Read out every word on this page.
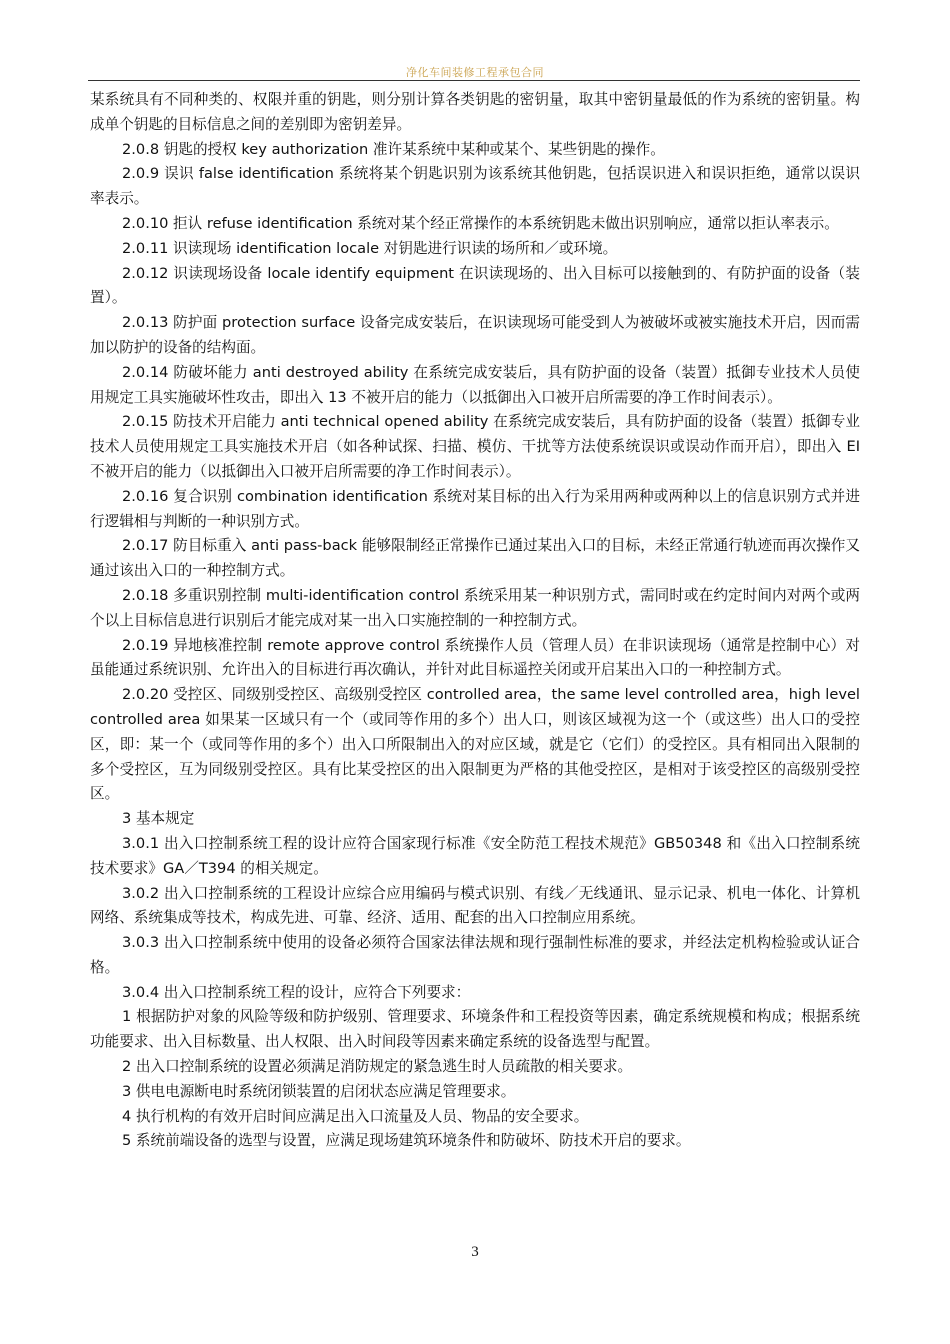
净化车间装修工程承包合同

某系统具有不同种类的、权限并重的钥匙，则分别计算各类钥匙的密钥量，取其中密钥量最低的作为系统的密钥量。构成单个钥匙的目标信息之间的差别即为密钥差异。

2.0.8 钥匙的授权 key authorization 准许某系统中某种或某个、某些钥匙的操作。

2.0.9 误识 false identification 系统将某个钥匙识别为该系统其他钥匙，包括误识进入和误识拒绝，通常以误识率表示。

2.0.10 拒认 refuse identification 系统对某个经正常操作的本系统钥匙未做出识别响应，通常以拒认率表示。

2.0.11 识读现场 identification locale 对钥匙进行识读的场所和／或环境。

2.0.12 识读现场设备 locale identify equipment 在识读现场的、出入目标可以接触到的、有防护面的设备（装置）。

2.0.13 防护面 protection surface 设备完成安装后，在识读现场可能受到人为被破坏或被实施技术开启，因而需加以防护的设备的结构面。

2.0.14 防破坏能力 anti destroyed ability 在系统完成安装后，具有防护面的设备（装置）抵御专业技术人员使用规定工具实施破坏性攻击，即出入 13 不被开启的能力（以抵御出入口被开启所需要的净工作时间表示）。

2.0.15 防技术开启能力 anti technical opened ability 在系统完成安装后，具有防护面的设备（装置）抵御专业技术人员使用规定工具实施技术开启（如各种试探、扫描、模仿、干扰等方法使系统误识或误动作而开启），即出入 EI 不被开启的能力（以抵御出入口被开启所需要的净工作时间表示）。

2.0.16 复合识别 combination identification 系统对某目标的出入行为采用两种或两种以上的信息识别方式并进行逻辑相与判断的一种识别方式。

2.0.17 防目标重入 anti pass-back 能够限制经正常操作已通过某出入口的目标，未经正常通行轨迹而再次操作又通过该出入口的一种控制方式。

2.0.18 多重识别控制 multi-identification control 系统采用某一种识别方式，需同时或在约定时间内对两个或两个以上目标信息进行识别后才能完成对某一出入口实施控制的一种控制方式。

2.0.19 异地核准控制 remote approve control 系统操作人员（管理人员）在非识读现场（通常是控制中心）对虽能通过系统识别、允许出入的目标进行再次确认，并针对此目标遥控关闭或开启某出入口的一种控制方式。

2.0.20 受控区、同级别受控区、高级别受控区 controlled area，the same level controlled area，high level controlled area 如果某一区域只有一个（或同等作用的多个）出人口，则该区域视为这一个（或这些）出人口的受控区，即：某一个（或同等作用的多个）出入口所限制出入的对应区域，就是它（它们）的受控区。具有相同出入限制的多个受控区，互为同级别受控区。具有比某受控区的出入限制更为严格的其他受控区，是相对于该受控区的高级别受控区。

3 基本规定

3.0.1 出入口控制系统工程的设计应符合国家现行标准《安全防范工程技术规范》GB50348 和《出入口控制系统技术要求》GA／T394 的相关规定。

3.0.2 出入口控制系统的工程设计应综合应用编码与模式识别、有线／无线通讯、显示记录、机电一体化、计算机网络、系统集成等技术，构成先进、可靠、经济、适用、配套的出入口控制应用系统。

3.0.3 出入口控制系统中使用的设备必须符合国家法律法规和现行强制性标准的要求，并经法定机构检验或认证合格。

3.0.4 出入口控制系统工程的设计，应符合下列要求：

1 根据防护对象的风险等级和防护级别、管理要求、环境条件和工程投资等因素，确定系统规模和构成；根据系统功能要求、出入目标数量、出人权限、出入时间段等因素来确定系统的设备选型与配置。

2 出入口控制系统的设置必须满足消防规定的紧急逃生时人员疏散的相关要求。

3 供电电源断电时系统闭锁装置的启闭状态应满足管理要求。

4 执行机构的有效开启时间应满足出入口流量及人员、物品的安全要求。

5 系统前端设备的选型与设置，应满足现场建筑环境条件和防破坏、防技术开启的要求。

3
